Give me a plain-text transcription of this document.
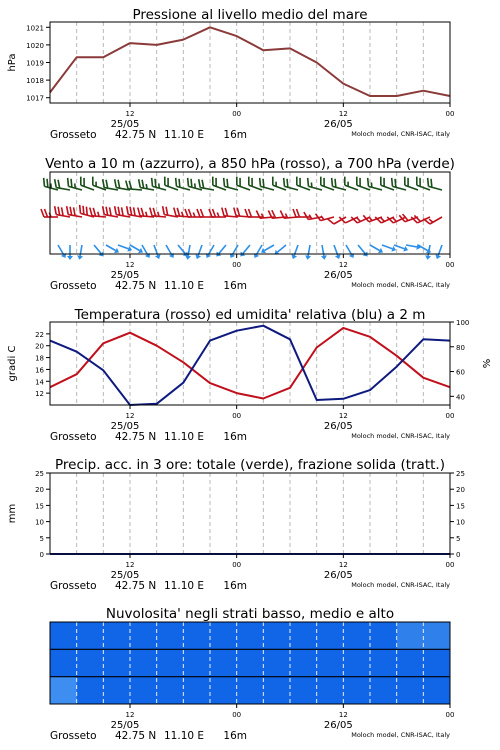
Pressione al livello medio del mare
1017
1018
1019
1020
1021
hPa
12	00	12	00
25/05	26/05
Grosseto 42.75 N 11.10 E 16m	Moloch model, CNR-ISAC, Italy
Vento a 10 m (azzurro), a 850 hPa (rosso), a 700 hPa (verde)
12	00	12	00
25/05	26/05
Grosseto 42.75 N 11.10 E 16m	Moloch model, CNR-ISAC, Italy
Temperatura (rosso) ed umidita' relativa (blu) a 2 m
12
14
16
18
20
22
40
60
80
100
gradi C	%
12	00	12	00
25/05	26/05
Grosseto 42.75 N 11.10 E 16m	Moloch model, CNR-ISAC, Italy
Precip. acc. in 3 ore: totale (verde), frazione solida (tratt.)
0
5
10
15
20
25
0
5
10
15
20
25
mm
12	00	12	00
25/05	26/05
Grosseto 42.75 N 11.10 E 16m	Moloch model, CNR-ISAC, Italy
Nuvolosita' negli strati basso, medio e alto
12	00	12	00
25/05	26/05
Grosseto 42.75 N 11.10 E 16m	Moloch model, CNR-ISAC, Italy
